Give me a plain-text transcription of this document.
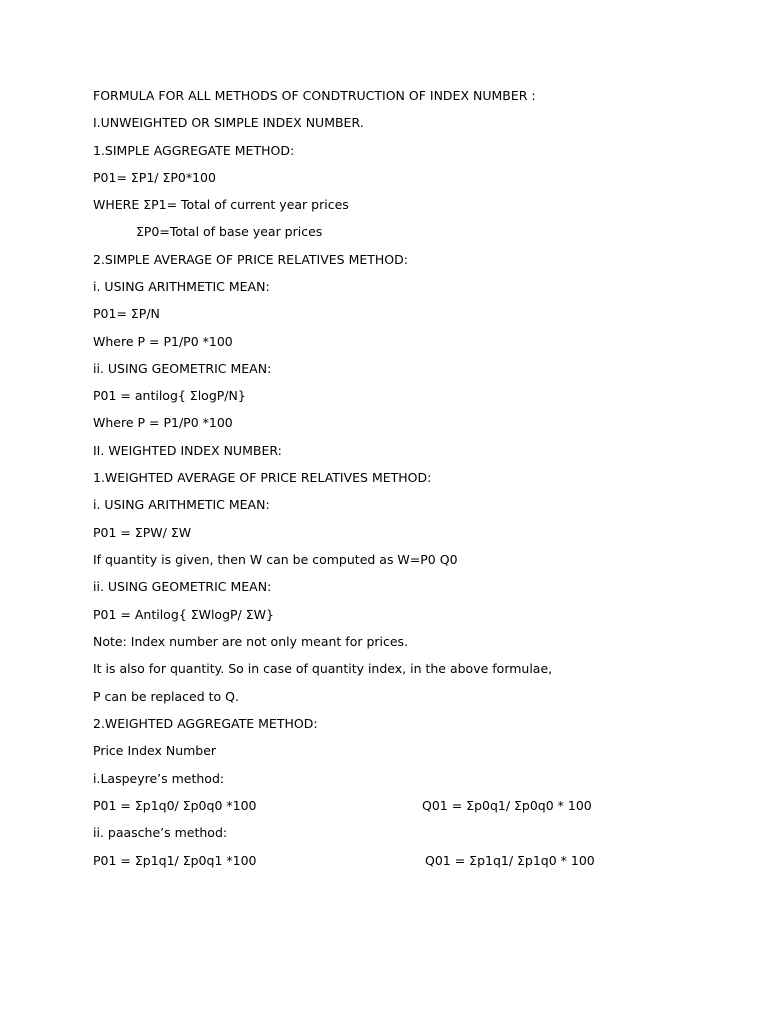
FORMULA FOR ALL METHODS OF CONDTRUCTION OF INDEX NUMBER :
I.UNWEIGHTED OR SIMPLE INDEX NUMBER.
1.SIMPLE AGGREGATE METHOD:
P01= ΣP1/ ΣP0*100
WHERE ΣP1= Total of current year prices
ΣP0=Total of base year prices
2.SIMPLE AVERAGE OF PRICE RELATIVES METHOD:
i. USING ARITHMETIC MEAN:
P01= ΣP/N
Where P = P1/P0 *100
ii. USING GEOMETRIC MEAN:
P01 = antilog{ ΣlogP/N}
Where P = P1/P0 *100
II. WEIGHTED INDEX NUMBER:
1.WEIGHTED AVERAGE OF PRICE RELATIVES METHOD:
i. USING ARITHMETIC MEAN:
P01 = ΣPW/ ΣW
If quantity is given, then W can be computed as W=P0 Q0
ii. USING GEOMETRIC MEAN:
P01 = Antilog{ ΣWlogP/ ΣW}
Note: Index number are not only meant for prices.
It is also for quantity. So in case of quantity index, in the above formulae,
P can be replaced to Q.
2.WEIGHTED AGGREGATE METHOD:
Price Index Number
i.Laspeyre’s method:
P01 = Σp1q0/ Σp0q0 *100	Q01 = Σp0q1/ Σp0q0 * 100
ii. paasche’s method:
P01 = Σp1q1/ Σp0q1 *100	Q01 = Σp1q1/ Σp1q0 * 100
